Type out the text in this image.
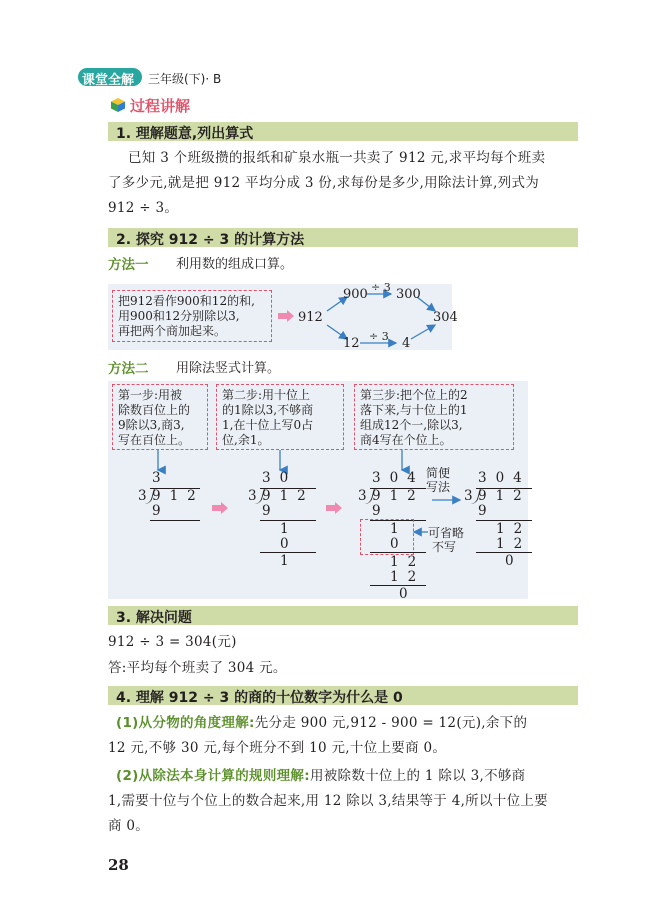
课堂全解 三年级(下)· B
过程讲解
1. 理解题意,列出算式
已知 3 个班级攒的报纸和矿泉水瓶一共卖了 912 元,求平均每个班卖
了多少元,就是把 912 平均分成 3 份,求每份是多少,用除法计算,列式为
912 ÷ 3。
2. 探究 912 ÷ 3 的计算方法
方法一 利用数的组成口算。
把912看作900和12的和,
用900和12分别除以3,
再把两个商加起来。
912
900 ÷ 3 300
12 ÷ 3 4
304
方法二 用除法竖式计算。
第一步:用被
除数百位上的
9除以3,商3,
写在百位上。
第二步:用十位上
的1除以3,不够商
1,在十位上写0占
位,余1。
第三步:把个位上的2
落下来,与十位上的1
组成12个一,除以3,
商4写在个位上。
3
3
912
9
30
3
912
9
1
0
1
304
3
912
9
1
0
12
12
0
简便
写法
可省略
不写
304
3
912
9
12
12
0
3. 解决问题
912 ÷ 3 = 304(元)
答:平均每个班卖了 304 元。
4. 理解 912 ÷ 3 的商的十位数字为什么是 0
(1)从分物的角度理解:先分走 900 元,912 - 900 = 12(元),余下的
12 元,不够 30 元,每个班分不到 10 元,十位上要商 0。
(2)从除法本身计算的规则理解:用被除数十位上的 1 除以 3,不够商
1,需要十位与个位上的数合起来,用 12 除以 3,结果等于 4,所以十位上要
商 0。
28
